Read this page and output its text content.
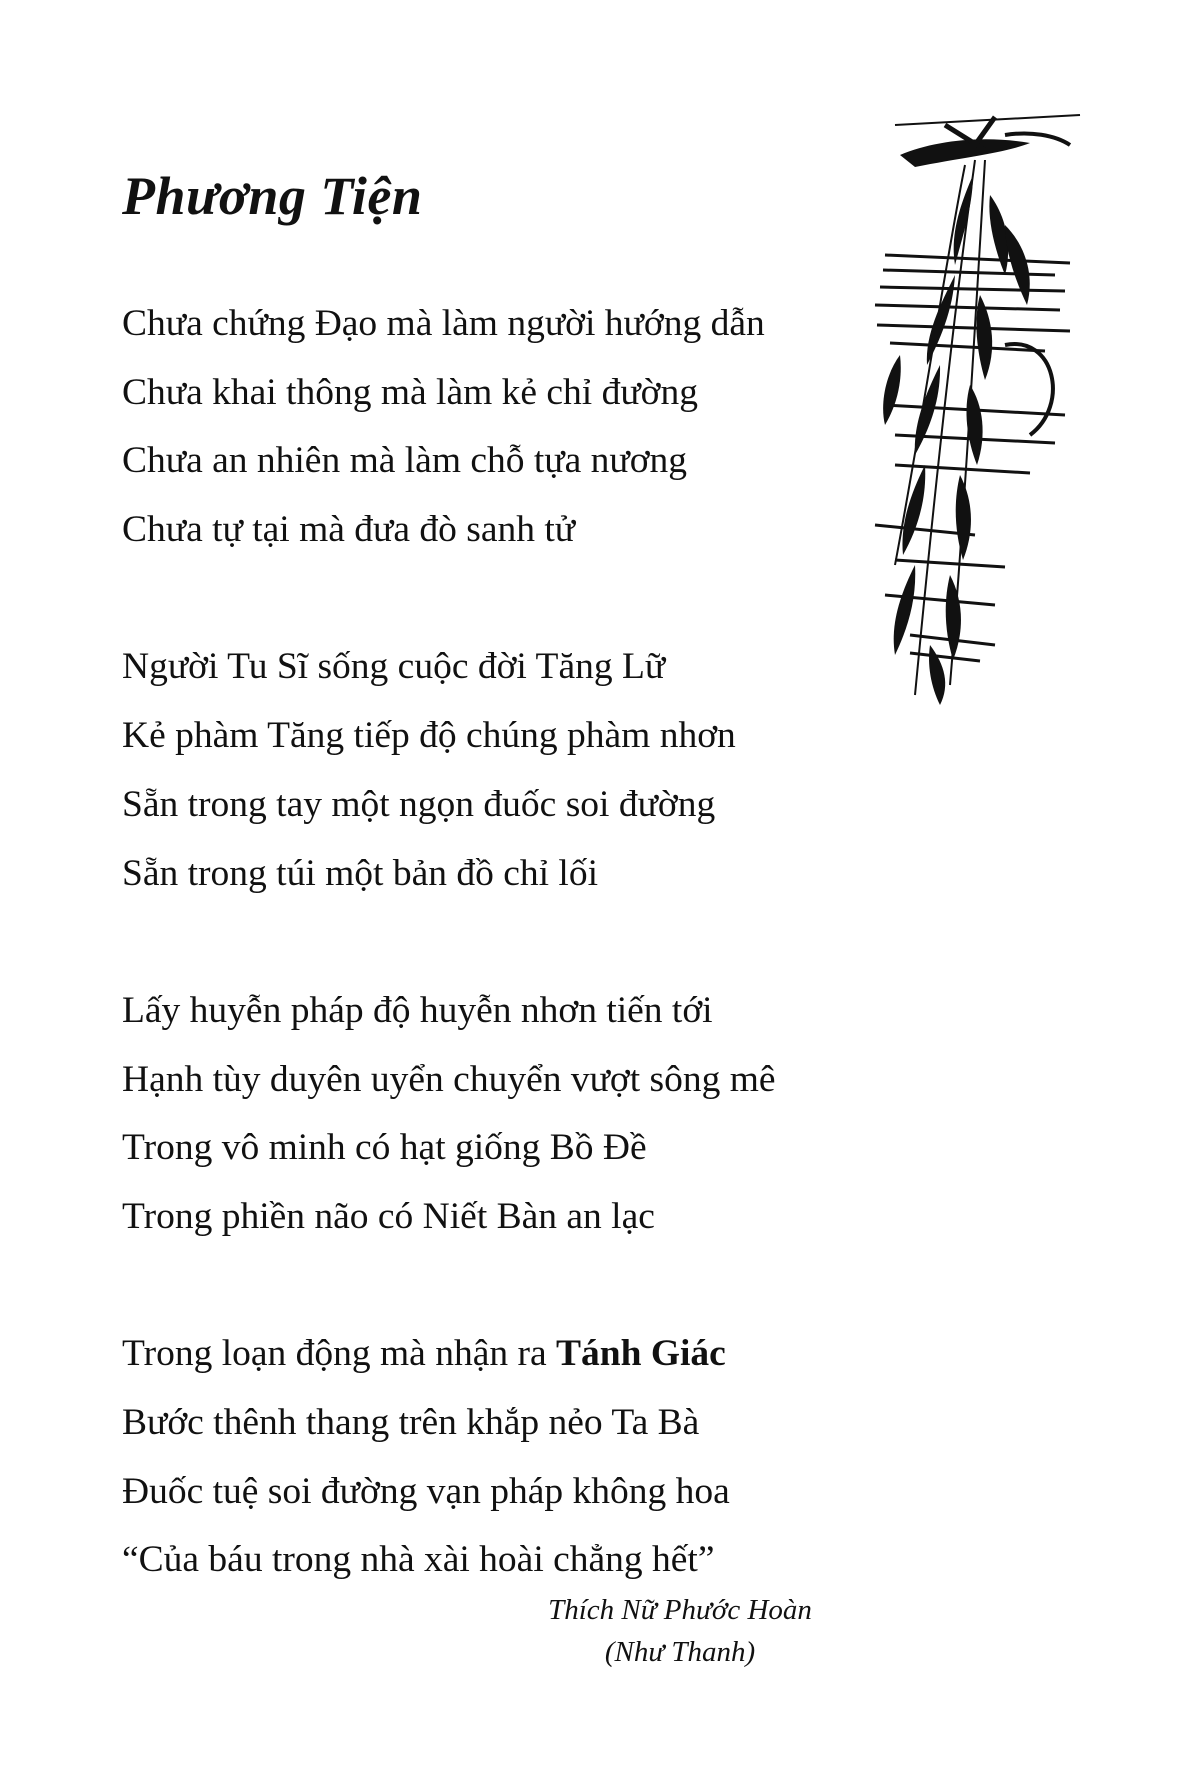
Phương Tiện
Chưa chứng Đạo mà làm người hướng dẫn
Chưa khai thông mà làm kẻ chỉ đường
Chưa an nhiên mà làm chỗ tựa nương
Chưa tự tại mà đưa đò sanh tử
Người Tu Sĩ sống cuộc đời Tăng Lữ
Kẻ phàm Tăng tiếp độ chúng phàm nhơn
Sẵn trong tay một ngọn đuốc soi đường
Sẵn trong túi một bản đồ chỉ lối
Lấy huyễn pháp độ huyễn nhơn tiến tới
Hạnh tùy duyên uyển chuyển vượt sông mê
Trong vô minh có hạt giống Bồ Đề
Trong phiền não có Niết Bàn an lạc
Trong loạn động mà nhận ra Tánh Giác
Bước thênh thang trên khắp nẻo Ta Bà
Đuốc tuệ soi đường vạn pháp không hoa
“Của báu trong nhà xài hoài chẳng hết”
Thích Nữ Phước Hoàn
(Như Thanh)
